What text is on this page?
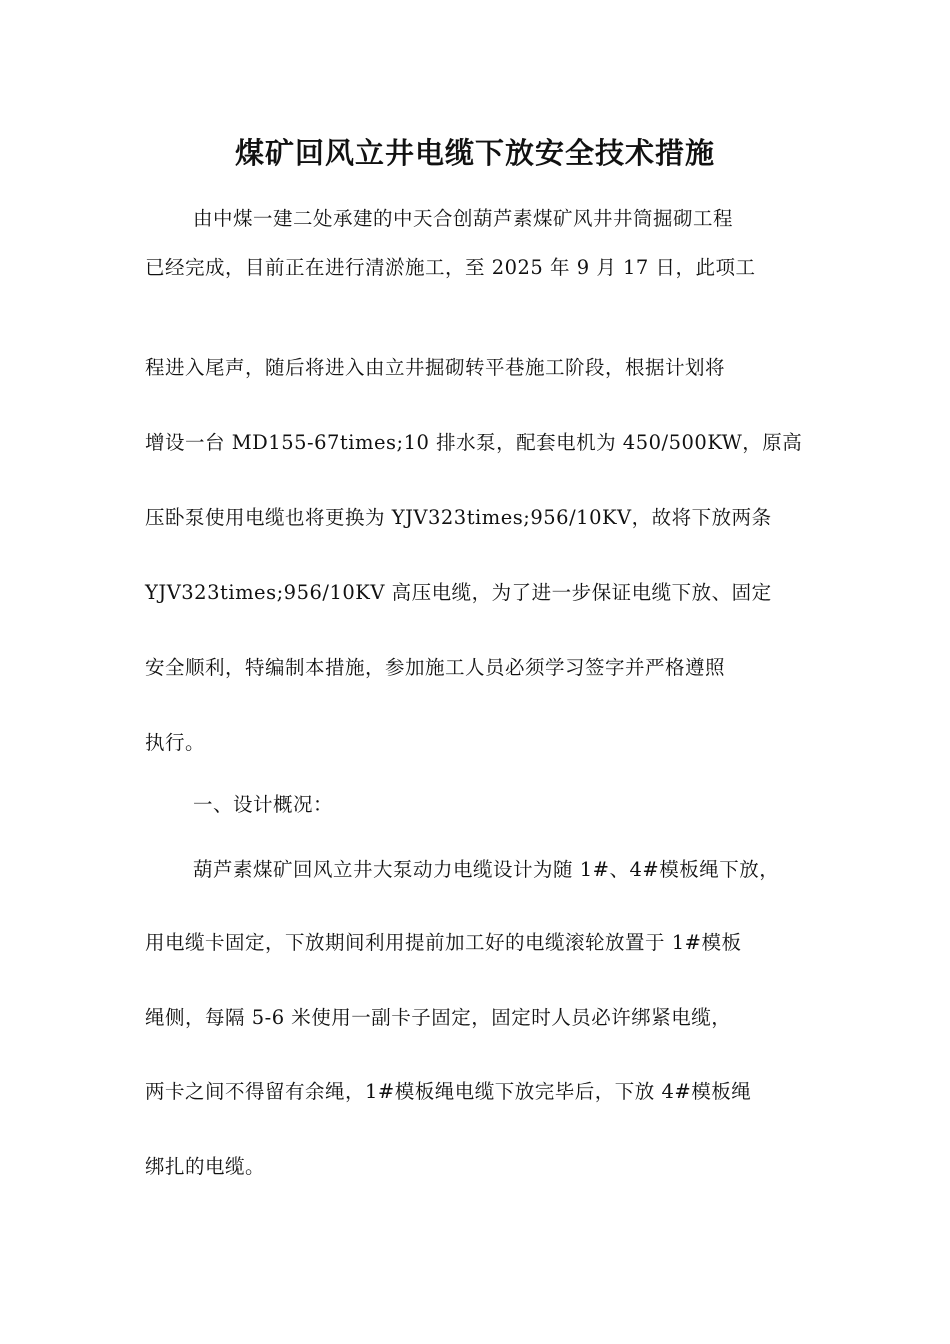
煤矿回风立井电缆下放安全技术措施
由中煤一建二处承建的中天合创葫芦素煤矿风井井筒掘砌工程
已经完成，目前正在进行清淤施工，至 2025 年 9 月 17 日，此项工
程进入尾声，随后将进入由立井掘砌转平巷施工阶段，根据计划将
增设一台 MD155-67times;10 排水泵，配套电机为 450/500KW，原高
压卧泵使用电缆也将更换为 YJV323times;956/10KV，故将下放两条
YJV323times;956/10KV 高压电缆，为了进一步保证电缆下放、固定
安全顺利，特编制本措施，参加施工人员必须学习签字并严格遵照
执行。
一、设计概况：
葫芦素煤矿回风立井大泵动力电缆设计为随 1#、4#模板绳下放，
用电缆卡固定，下放期间利用提前加工好的电缆滚轮放置于 1#模板
绳侧，每隔 5-6 米使用一副卡子固定，固定时人员必许绑紧电缆，
两卡之间不得留有余绳，1#模板绳电缆下放完毕后，下放 4#模板绳
绑扎的电缆。
